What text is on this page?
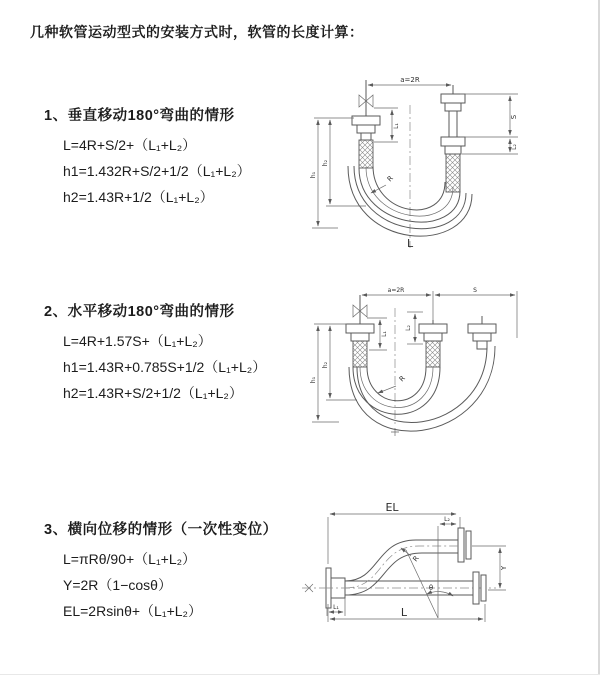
几种软管运动型式的安装方式时，软管的长度计算：
1、垂直移动180°弯曲的情形
L=4R+S/2+（L₁+L₂）
h1=1.432R+S/2+1/2（L₁+L₂）
h2=1.43R+1/2（L₁+L₂）
2、水平移动180°弯曲的情形
L=4R+1.57S+（L₁+L₂）
h1=1.43R+0.785S+1/2（L₁+L₂）
h2=1.43R+S/2+1/2（L₁+L₂）
3、横向位移的情形（一次性变位）
L=πRθ/90+（L₁+L₂）
Y=2R（1−cosθ）
EL=2Rsinθ+（L₁+L₂）
a=2R
S
L₂
L₁
h₁
h₂
R
L
a=2R	S
L₁
L₂
h₁
h₂
R
EL
L₂
Y
θ
R
L₁	L
